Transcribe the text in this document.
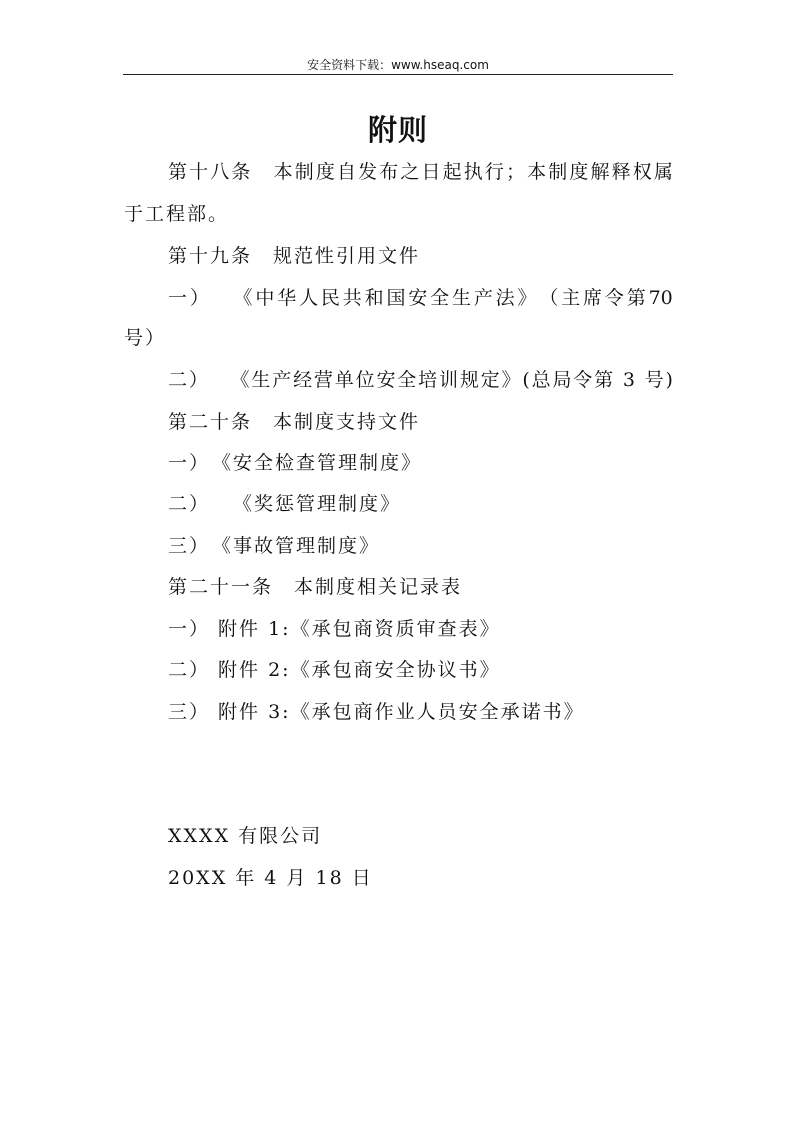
安全资料下载：www.hseaq.com
附则
第 十 八 条
　 本 制 度 自 发 布 之 日 起 执 行 ； 本 制 度 解 释 权 属
于工程部。
第十九条　规范性引用文件
一 ）
　 《 中 华 人 民 共 和 国 安 全 生 产 法 》 （ 主 席 令 第 70
号）
二 ）
　 《 生 产 经 营 单 位 安 全 培 训 规 定 》 ( 总 局 令 第
3
号 )
第二十条　本制度支持文件
一）　《安全检查管理制度》
二）　　《奖惩管理制度》
三）　《事故管理制度》
第二十一条　本制度相关记录表
一） 附件 1:《承包商资质审查表》
二） 附件 2:《承包商安全协议书》
三） 附件 3:《承包商作业人员安全承诺书》
XXXX 有限公司
20XX 年 4 月 18 日
